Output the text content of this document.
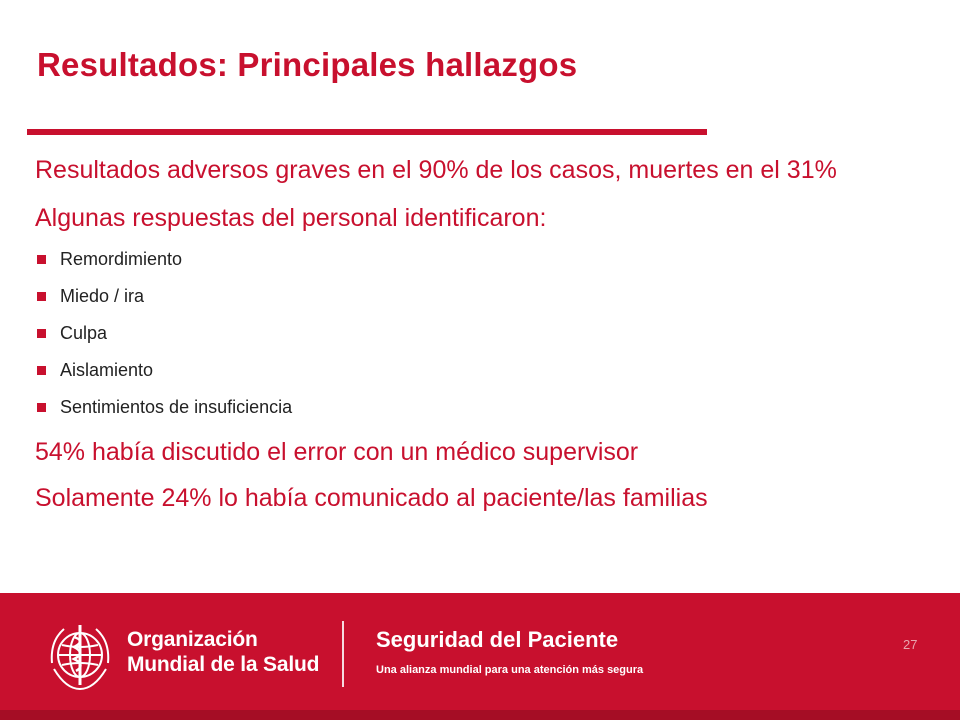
Resultados: Principales hallazgos

Resultados adversos graves en el 90% de los casos, muertes en el 31%

Algunas respuestas del personal identificaron:

Remordimiento
Miedo / ira
Culpa
Aislamiento
Sentimientos de insuficiencia

54% había discutido el error con un médico supervisor

Solamente 24% lo había comunicado al paciente/las familias

Organización
Mundial de la Salud
Seguridad del Paciente
Una alianza mundial para una atención más segura
27
